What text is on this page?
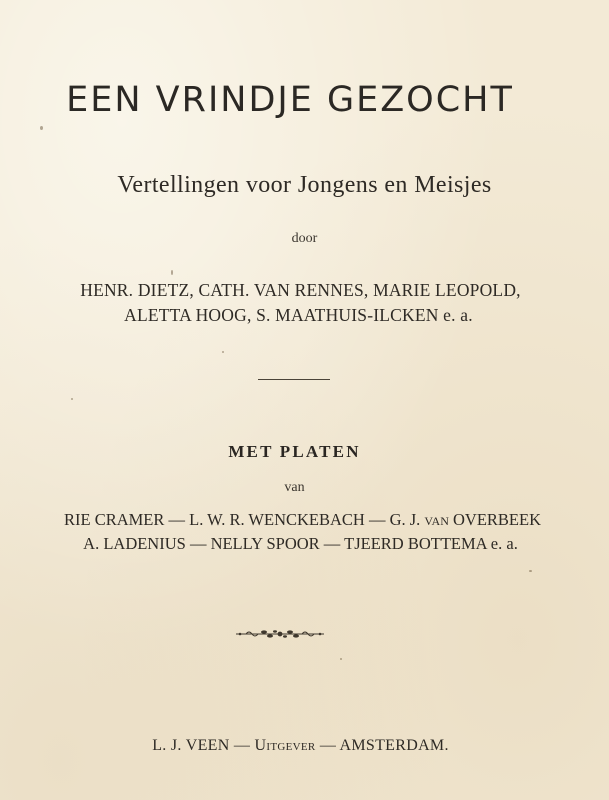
EEN VRINDJE GEZOCHT
Vertellingen voor Jongens en Meisjes
door
HENR. DIETZ, CATH. VAN RENNES, MARIE LEOPOLD,
ALETTA HOOG, S. MAATHUIS-ILCKEN e. a.
MET PLATEN
van
RIE CRAMER — L. W. R. WENCKEBACH — G. J. van OVERBEEK
A. LADENIUS — NELLY SPOOR — TJEERD BOTTEMA e. a.
L. J. VEEN — Uitgever — AMSTERDAM.
